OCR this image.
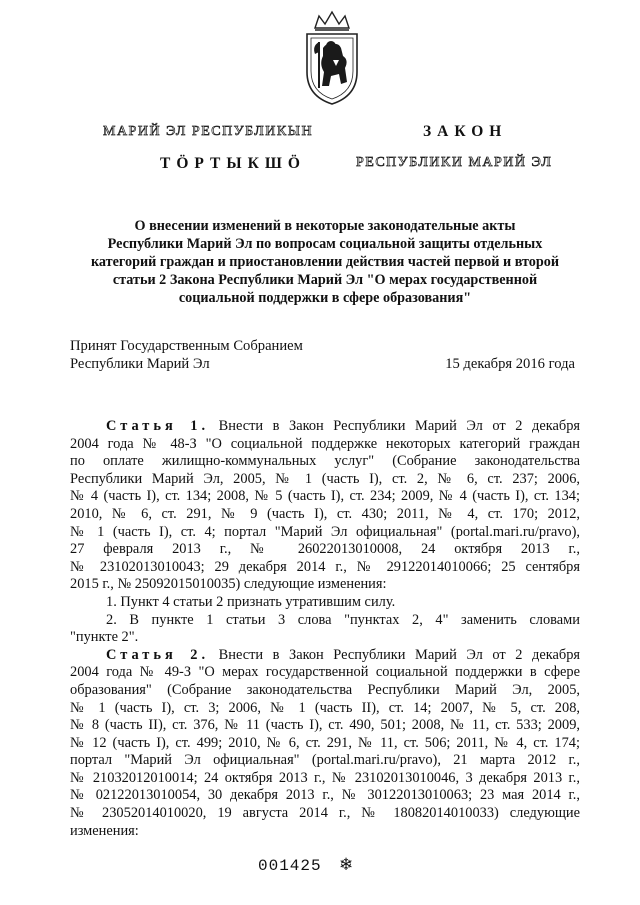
МАРИЙ ЭЛ РЕСПУБЛИКЫН
ТӦРТЫКШӦ
ЗАКОН
РЕСПУБЛИКИ МАРИЙ ЭЛ
О внесении изменений в некоторые законодательные акты
Республики Марий Эл по вопросам социальной защиты отдельных
категорий граждан и приостановлении действия частей первой и второй
статьи 2 Закона Республики Марий Эл "О мерах государственной
социальной поддержки в сфере образования"
Принят Государственным Собранием
Республики Марий Эл	15 декабря 2016 года

Статья 1. Внести в Закон Республики Марий Эл от 2 декабря

2004 года № 48-З "О социальной поддержке некоторых категорий граждан

по оплате жилищно-коммунальных услуг" (Собрание законодательства

Республики Марий Эл, 2005, № 1 (часть I), ст. 2, № 6, ст. 237; 2006,

№ 4 (часть I), ст. 134; 2008, № 5 (часть I), ст. 234; 2009, № 4 (часть I), ст. 134;

2010, № 6, ст. 291, № 9 (часть I), ст. 430; 2011, № 4, ст. 170; 2012,

№ 1 (часть I), ст. 4; портал "Марий Эл официальная" (portal.mari.ru/pravo),

27 февраля 2013 г., № 26022013010008, 24 октября 2013 г.,

№ 23102013010043; 29 декабря 2014 г., № 29122014010066; 25 сентября

2015 г., № 25092015010035) следующие изменения:

1. Пункт 4 статьи 2 признать утратившим силу.

2. В пункте 1 статьи 3 слова "пунктах 2, 4" заменить словами

"пункте 2".

Статья 2. Внести в Закон Республики Марий Эл от 2 декабря

2004 года № 49-З "О мерах государственной социальной поддержки в сфере

образования" (Собрание законодательства Республики Марий Эл, 2005,

№ 1 (часть I), ст. 3; 2006, № 1 (часть II), ст. 14; 2007, № 5, ст. 208,

№ 8 (часть II), ст. 376, № 11 (часть I), ст. 490, 501; 2008, № 11, ст. 533; 2009,

№ 12 (часть I), ст. 499; 2010, № 6, ст. 291, № 11, ст. 506; 2011, № 4, ст. 174;

портал "Марий Эл официальная" (portal.mari.ru/pravo), 21 марта 2012 г.,

№ 21032012010014; 24 октября 2013 г., № 23102013010046, 3 декабря 2013 г.,

№ 02122013010054, 30 декабря 2013 г., № 30122013010063; 23 мая 2014 г.,

№ 23052014010020, 19 августа 2014 г., № 18082014010033) следующие

изменения:

001425 ❄
